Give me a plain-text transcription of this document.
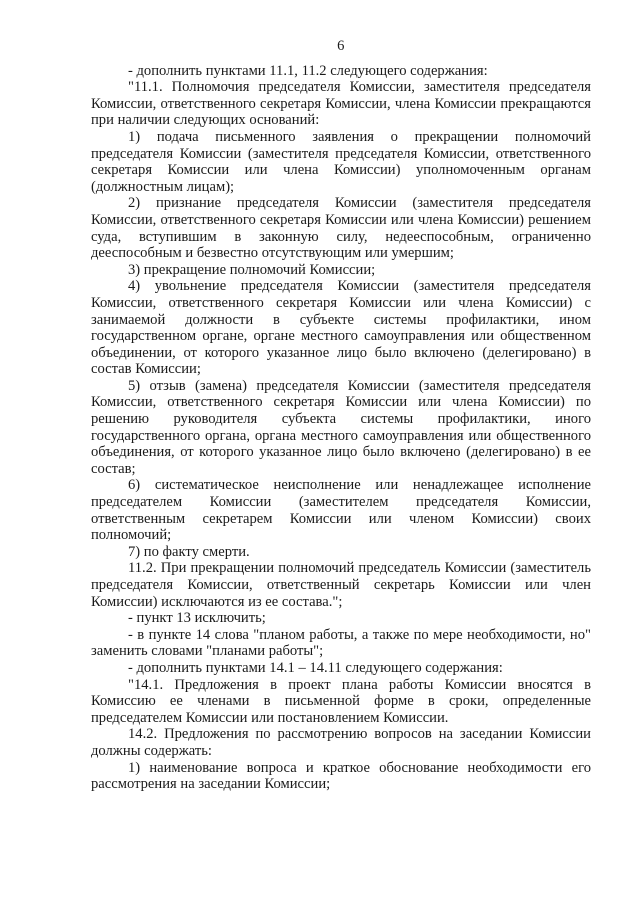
6

- дополнить пунктами 11.1, 11.2 следующего содержания:

"11.1. Полномочия председателя Комиссии, заместителя председателя Комиссии, ответственного секретаря Комиссии, члена Комиссии прекращаются при наличии следующих оснований:

1) подача письменного заявления о прекращении полномочий председателя Комиссии (заместителя председателя Комиссии, ответственного секретаря Комиссии или члена Комиссии) уполномоченным органам (должностным лицам);

2) признание председателя Комиссии (заместителя председателя Комиссии, ответственного секретаря Комиссии или члена Комиссии) решением суда, вступившим в законную силу, недееспособным, ограниченно дееспособным и безвестно отсутствующим или умершим;

3) прекращение полномочий Комиссии;

4) увольнение председателя Комиссии (заместителя председателя Комиссии, ответственного секретаря Комиссии или члена Комиссии) с занимаемой должности в субъекте системы профилактики, ином государственном органе, органе местного самоуправления или общественном объединении, от которого указанное лицо было включено (делегировано) в состав Комиссии;

5) отзыв (замена) председателя Комиссии (заместителя председателя Комиссии, ответственного секретаря Комиссии или члена Комиссии) по решению руководителя субъекта системы профилактики, иного государственного органа, органа местного самоуправления или общественного объединения, от которого указанное лицо было включено (делегировано) в ее состав;

6) систематическое неисполнение или ненадлежащее исполнение председателем Комиссии (заместителем председателя Комиссии, ответственным секретарем Комиссии или членом Комиссии) своих полномочий;

7) по факту смерти.

11.2. При прекращении полномочий председатель Комиссии (заместитель председателя Комиссии, ответственный секретарь Комиссии или член Комиссии) исключаются из ее состава.";

- пункт 13 исключить;

- в пункте 14 слова "планом работы, а также по мере необходимости, но" заменить словами "планами работы";

- дополнить пунктами 14.1 – 14.11 следующего содержания:

"14.1. Предложения в проект плана работы Комиссии вносятся в Комиссию ее членами в письменной форме в сроки, определенные председателем Комиссии или постановлением Комиссии.

14.2. Предложения по рассмотрению вопросов на заседании Комиссии должны содержать:

1) наименование вопроса и краткое обоснование необходимости его рассмотрения на заседании Комиссии;
